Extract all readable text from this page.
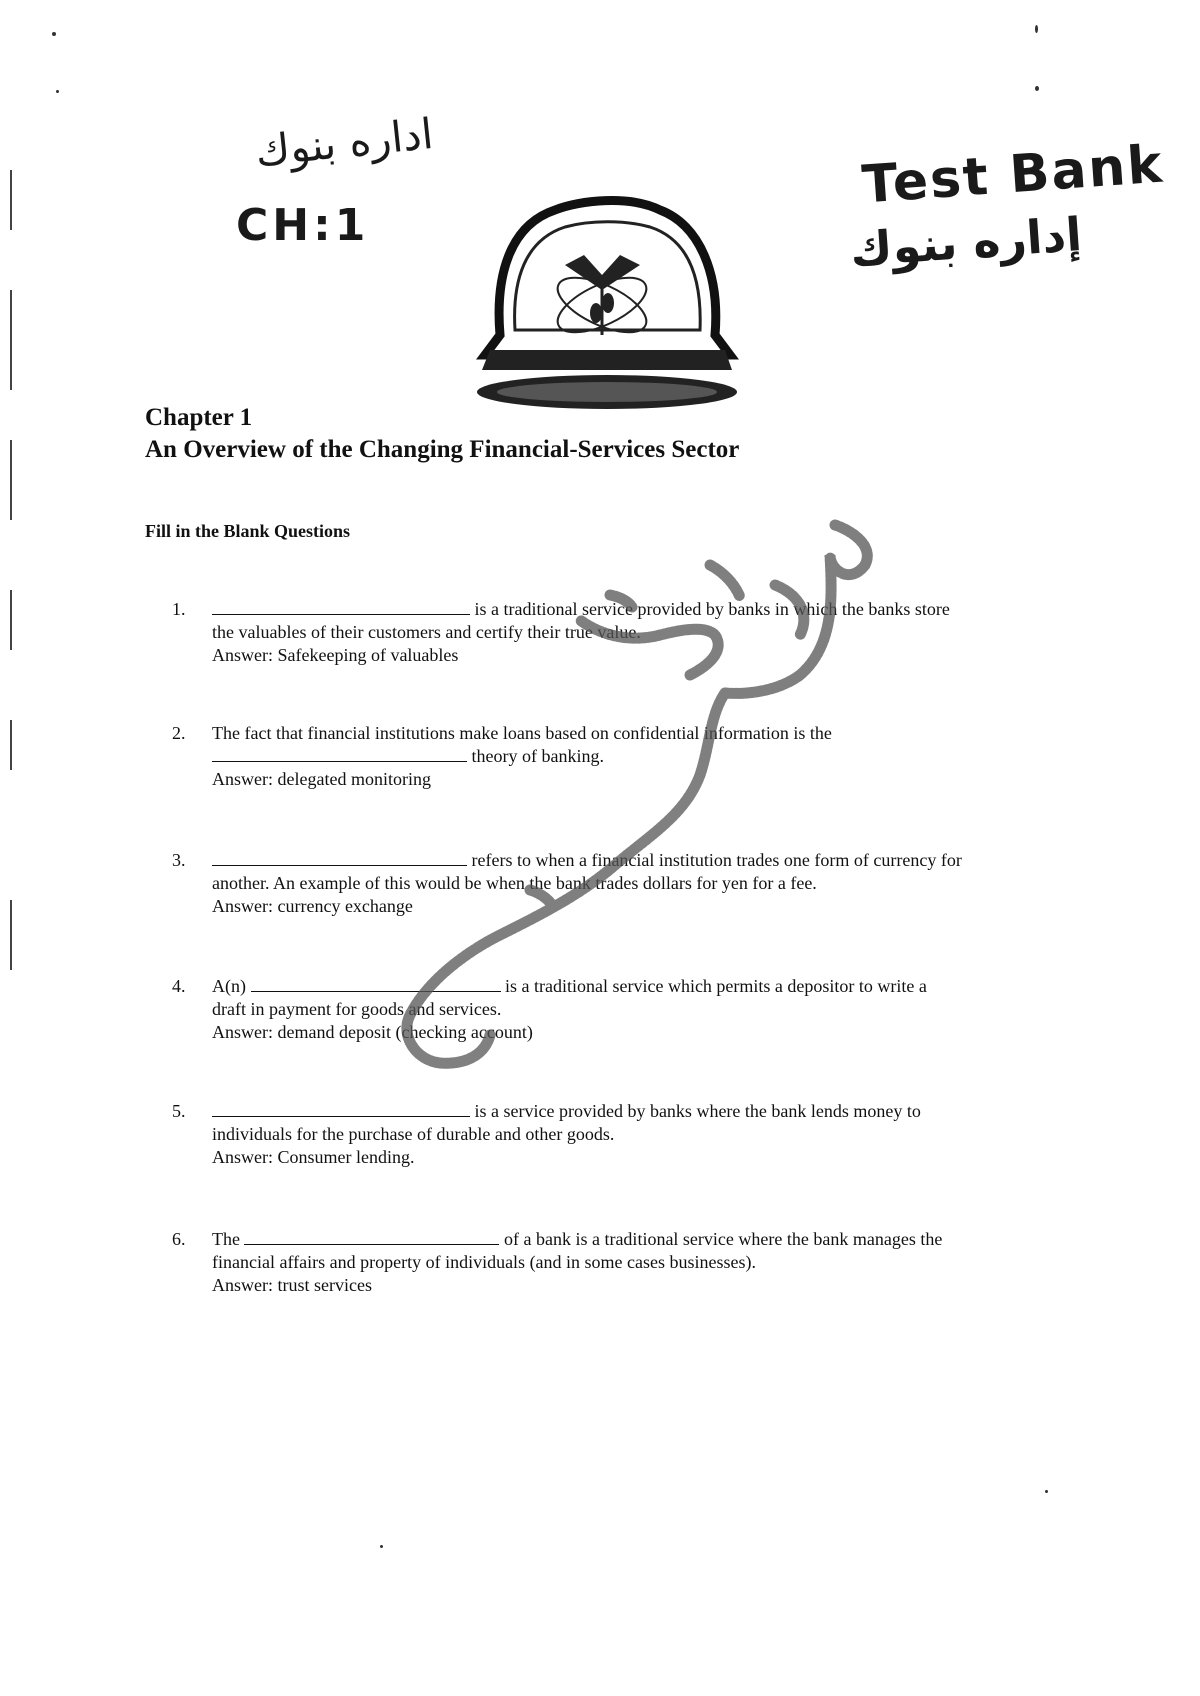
اداره بنوك
CH:1
Test Bank
إداره بنوك
Chapter 1
An Overview of the Changing Financial-Services Sector
Fill in the Blank Questions
1.	is a traditional service provided by banks in which the banks store
the valuables of their customers and certify their true value.
Answer: Safekeeping of valuables
2.	The fact that financial institutions make loans based on confidential information is the
theory of banking.
Answer: delegated monitoring
3.	refers to when a financial institution trades one form of currency for
another. An example of this would be when the bank trades dollars for yen for a fee.
Answer: currency exchange
4.	A(n)	is a traditional service which permits a depositor to write a
draft in payment for goods and services.
Answer: demand deposit (checking account)
5.	is a service provided by banks where the bank lends money to
individuals for the purchase of durable and other goods.
Answer: Consumer lending.
6.	The	of a bank is a traditional service where the bank manages the
financial affairs and property of individuals (and in some cases businesses).
Answer: trust services
